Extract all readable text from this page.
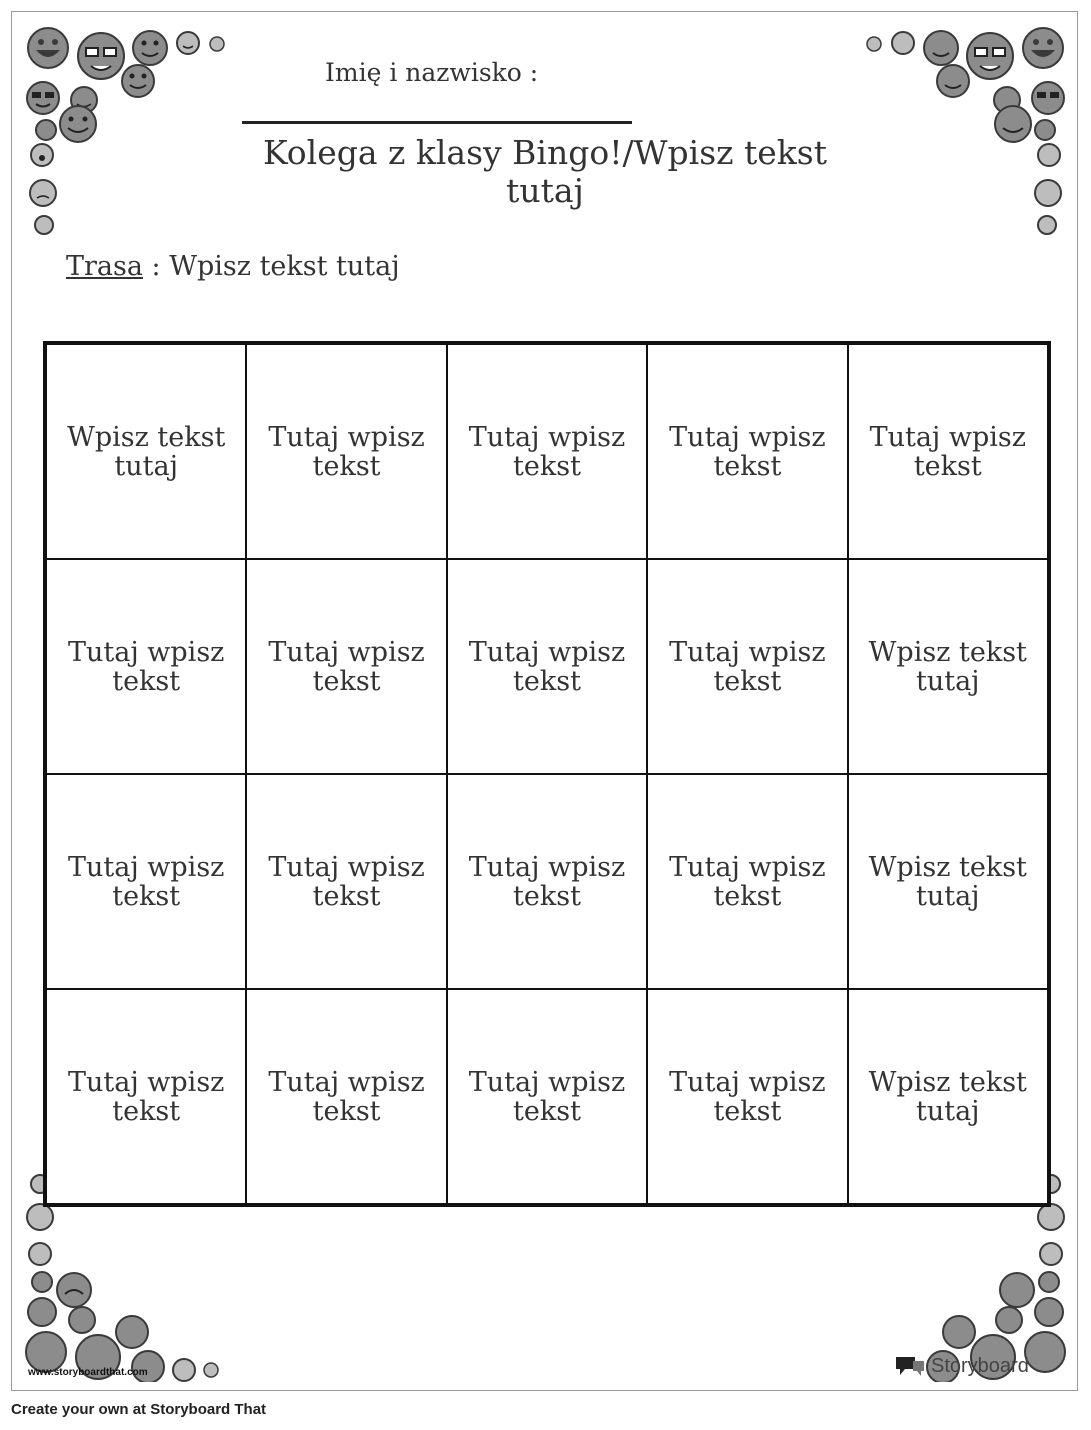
Imię i nazwisko :
Kolega z klasy Bingo!/Wpisz tekst tutaj
Trasa : Wpisz tekst tutaj
Wpisz tekst tutaj
Tutaj wpisz tekst
Tutaj wpisz tekst
Tutaj wpisz tekst
Tutaj wpisz tekst
Tutaj wpisz tekst
Tutaj wpisz tekst
Tutaj wpisz tekst
Tutaj wpisz tekst
Wpisz tekst tutaj
Tutaj wpisz tekst
Tutaj wpisz tekst
Tutaj wpisz tekst
Tutaj wpisz tekst
Wpisz tekst tutaj
Tutaj wpisz tekst
Tutaj wpisz tekst
Tutaj wpisz tekst
Tutaj wpisz tekst
Wpisz tekst tutaj
www.storyboardthat.com	Storyboard
Create your own at Storyboard That
